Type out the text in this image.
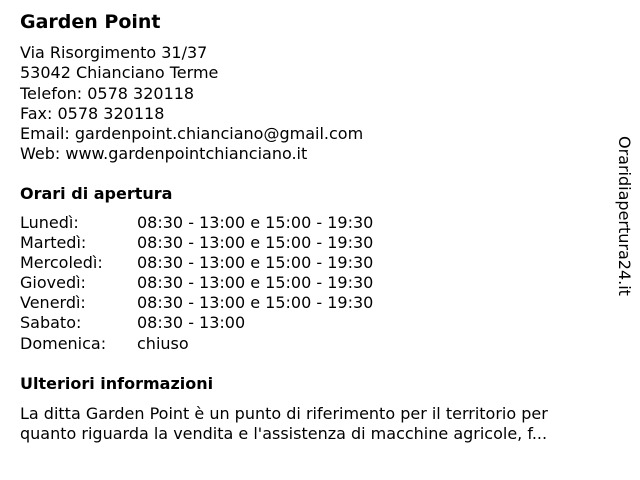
Garden Point
Via Risorgimento 31/37
53042 Chianciano Terme
Telefon: 0578 320118
Fax: 0578 320118
Email: gardenpoint.chianciano@gmail.com
Web: www.gardenpointchianciano.it
Orari di apertura
Lunedì:	08:30 - 13:00 e 15:00 - 19:30
Martedì:	08:30 - 13:00 e 15:00 - 19:30
Mercoledì:	08:30 - 13:00 e 15:00 - 19:30
Giovedì:	08:30 - 13:00 e 15:00 - 19:30
Venerdì:	08:30 - 13:00 e 15:00 - 19:30
Sabato:	08:30 - 13:00
Domenica:	chiuso
Ulteriori informazioni
La ditta Garden Point è un punto di riferimento per il territorio per
quanto riguarda la vendita e l'assistenza di macchine agricole, f...
Oraridiapertura24.it
